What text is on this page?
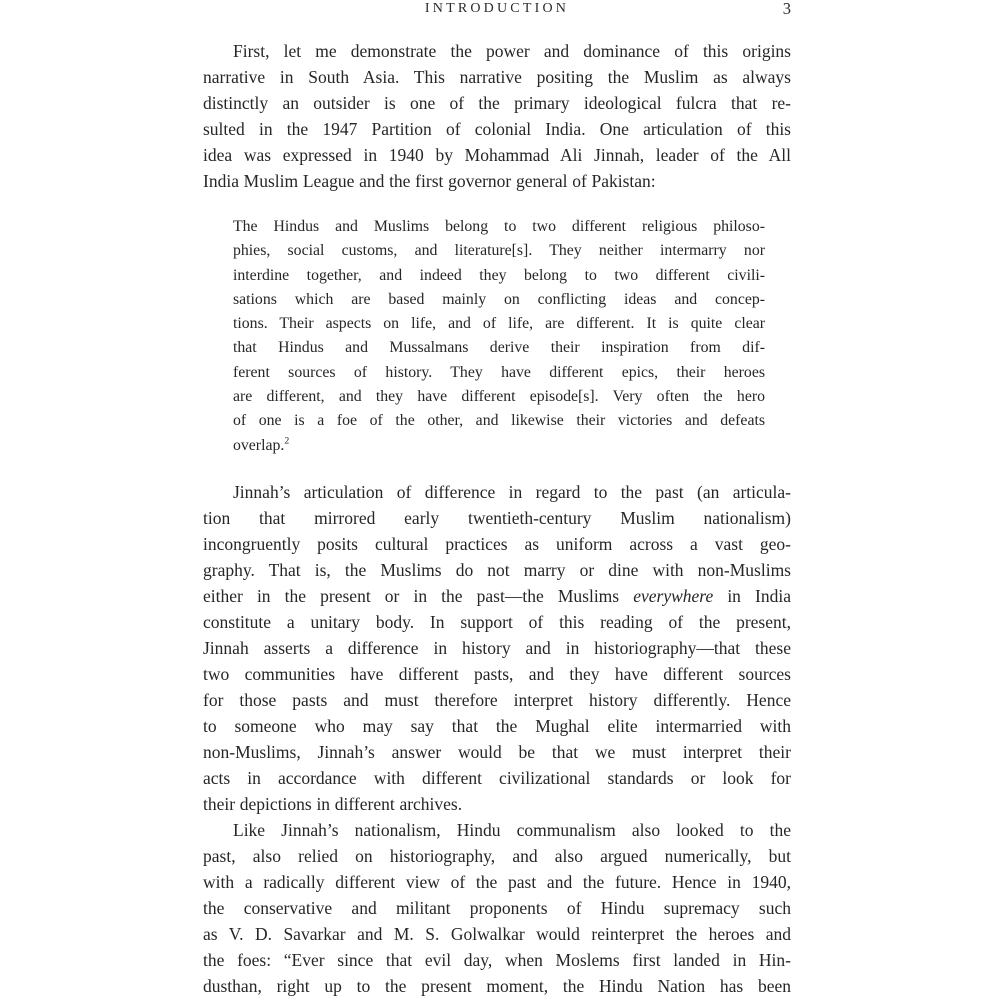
INTRODUCTION	3
First, let me demonstrate the power and dominance of this origins
narrative in South Asia. This narrative positing the Muslim as always
distinctly an outsider is one of the primary ideological fulcra that re-
sulted in the 1947 Partition of colonial India. One articulation of this
idea was expressed in 1940 by Mohammad Ali Jinnah, leader of the All
India Muslim League and the first governor general of Pakistan:
The Hindus and Muslims belong to two different religious philoso-
phies, social customs, and literature[s]. They neither intermarry nor
interdine together, and indeed they belong to two different civili-
sations which are based mainly on conflicting ideas and concep-
tions. Their aspects on life, and of life, are different. It is quite clear
that Hindus and Mussalmans derive their inspiration from dif-
ferent sources of history. They have different epics, their heroes
are different, and they have different episode[s]. Very often the hero
of one is a foe of the other, and likewise their victories and defeats
overlap.$^2$
Jinnah’s articulation of difference in regard to the past (an articula-
tion that mirrored early twentieth-century Muslim nationalism)
incongruently posits cultural practices as uniform across a vast geo-
graphy. That is, the Muslims do not marry or dine with non-Muslims
either in the present or in the past—the Muslims everywhere in India
constitute a unitary body. In support of this reading of the present,
Jinnah asserts a difference in history and in historiography—that these
two communities have different pasts, and they have different sources
for those pasts and must therefore interpret history differently. Hence
to someone who may say that the Mughal elite intermarried with
non-Muslims, Jinnah’s answer would be that we must interpret their
acts in accordance with different civilizational standards or look for
their depictions in different archives.
Like Jinnah’s nationalism, Hindu communalism also looked to the
past, also relied on historiography, and also argued numerically, but
with a radically different view of the past and the future. Hence in 1940,
the conservative and militant proponents of Hindu supremacy such
as V. D. Savarkar and M. S. Golwalkar would reinterpret the heroes and
the foes: “Ever since that evil day, when Moslems first landed in Hin-
dusthan, right up to the present moment, the Hindu Nation has been
